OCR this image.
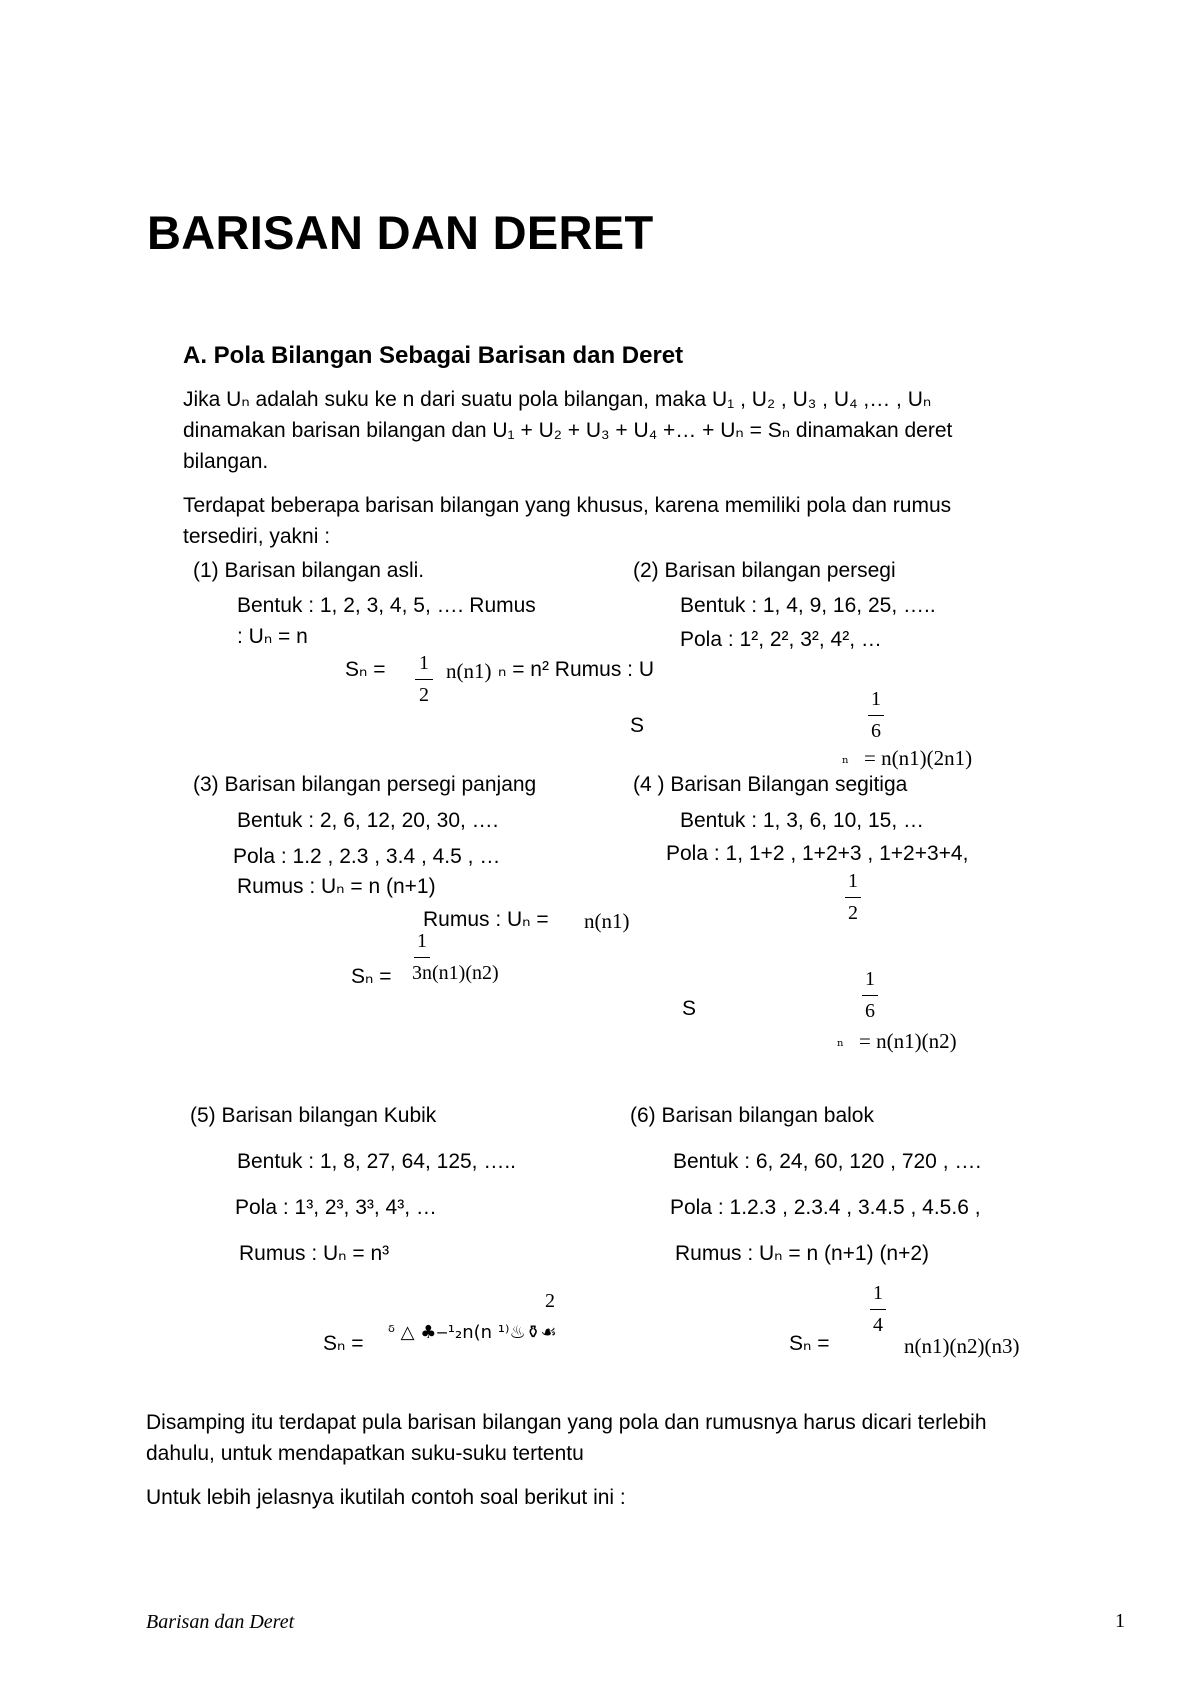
BARISAN DAN DERET
A. Pola Bilangan Sebagai Barisan dan Deret
Jika Uₙ adalah suku ke n dari suatu pola bilangan, maka U₁ , U₂ , U₃ , U₄ ,… , Uₙ
dinamakan barisan bilangan dan U₁ + U₂ + U₃ + U₄ +… + Uₙ = Sₙ dinamakan deret
bilangan.
Terdapat beberapa barisan bilangan yang khusus, karena memiliki pola dan rumus
tersediri, yakni :
(1) Barisan bilangan asli.
Bentuk : 1, 2, 3, 4, 5, …. Rumus
: Uₙ = n
Sₙ = 1
2
n(n1) ₙ = n² Rumus : U
(2) Barisan bilangan persegi
Bentuk : 1, 4, 9, 16, 25, …..
Pola : 1², 2², 3², 4², …
S
1
6
ₙ = n(n1)(2n1)
(3) Barisan bilangan persegi panjang
Bentuk : 2, 6, 12, 20, 30, ….
Pola : 1.2 , 2.3 , 3.4 , 4.5 , …
Rumus : Uₙ = n (n+1)
Sₙ =
1
3n(n1)(n2)
(4 ) Barisan Bilangan segitiga
Bentuk : 1, 3, 6, 10, 15, …
Pola : 1, 1+2 , 1+2+3 , 1+2+3+4,
1
2
Rumus : Uₙ = n(n1)
S
1
6
ₙ = n(n1)(n2)
(5) Barisan bilangan Kubik
Bentuk : 1, 8, 27, 64, 125, …..
Pola : 1³, 2³, 3³, 4³, …
Rumus : Uₙ = n³
2
Sₙ = ᵟ △ ♣‒¹₂n(n ¹⁾♨⚱☙
(6) Barisan bilangan balok
Bentuk : 6, 24, 60, 120 , 720 , ….
Pola : 1.2.3 , 2.3.4 , 3.4.5 , 4.5.6 ,
Rumus : Uₙ = n (n+1) (n+2)
Sₙ =
1
4
n(n1)(n2)(n3)
Disamping itu terdapat pula barisan bilangan yang pola dan rumusnya harus dicari terlebih
dahulu, untuk mendapatkan suku-suku tertentu
Untuk lebih jelasnya ikutilah contoh soal berikut ini :
Barisan dan Deret	1
